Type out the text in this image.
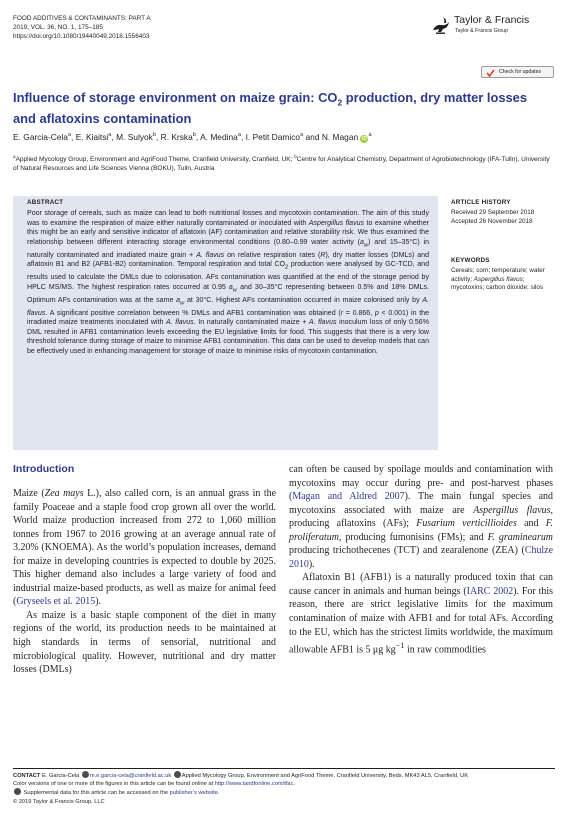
FOOD ADDITIVES & CONTAMINANTS: PART A
2019, VOL. 36, NO. 1, 175–185
https://doi.org/10.1080/19440049.2018.1556403
Taylor & Francis
Taylor & Francis Group
Check for updates
Influence of storage environment on maize grain: $CO_2$ production, dry matter losses and aflatoxins contamination
E. Garcia-Cela$^a$, E. Kiaitsi$^a$, M. Sulyok$^b$, R. Krska$^b$, A. Medina$^a$, I. Petit Damico$^a$ and N. Magan $iD^a$
$^a$Applied Mycology Group, Environment and AgriFood Theme, Cranfield University, Cranfield, UK; $^b$Centre for Analytical Chemistry, Department of Agrobiotechnology (IFA-Tulln), University of Natural Resources and Life Sciences Vienna (BOKU), Tulln, Austria
ABSTRACT
Poor storage of cereals, such as maize can lead to both nutritional losses and mycotoxin contamination. The aim of this study was to examine the respiration of maize either naturally contaminated or inoculated with Aspergillus flavus to examine whether this might be an early and sensitive indicator of aflatoxin (AF) contamination and relative storability risk. We thus examined the relationship between different interacting storage environmental conditions (0.80–0.99 water activity $(a_w)$ and 15–35°C) in naturally contaminated and irradiated maize grain + A. flavus on relative respiration rates (R), dry matter losses (DMLs) and aflatoxin B1 and B2 (AFB1-B2) contamination. Temporal respiration and total $CO_2$ production were analysed by GC-TCD, and results used to calculate the DMLs due to colonisation. AFs contamination was quantified at the end of the storage period by HPLC MS/MS. The highest respiration rates occurred at 0.95 $a_w$ and 30–35°C representing between 0.5% and 18% DMLs. Optimum AFs contamination was at the same $a_w$ at 30°C. Highest AFs contamination occurred in maize colonised only by A. flavus. A significant positive correlation between % DMLs and AFB1 contamination was obtained (r = 0.866, p < 0.001) in the irradiated maize treatments inoculated with A. flavus. In naturally contaminated maize + A. flavus inoculum loss of only 0.56% DML resulted in AFB1 contamination levels exceeding the EU legislative limits for food. This suggests that there is a very low threshold tolerance during storage of maize to minimise AFB1 contamination. This data can be used to develop models that can be effectively used in enhancing management for storage of maize to minimise risks of mycotoxin contamination.
ARTICLE HISTORY
Received 29 September 2018
Accepted 26 November 2018
KEYWORDS
Cereals; corn; temperature; water activity; Aspergillus flavus; mycotoxins; carbon dioxide; silos
Introduction

Maize (Zea mays L.), also called corn, is an annual grass in the family Poaceae and a staple food crop grown all over the world. World maize production increased from 272 to 1,060 million tonnes from 1967 to 2016 growing at an average annual rate of 3.20% (KNOEMA). As the world’s population increases, demand for maize in developing countries is expected to double by 2025. This higher demand also includes a large variety of food and industrial maize-based products, as well as maize for animal feed (Gryseels et al. 2015).

As maize is a basic staple component of the diet in many regions of the world, its production needs to be maintained at high standards in terms of sensorial, nutritional and microbiological quality. However, nutritional and dry matter losses (DMLs)

can often be caused by spoilage moulds and contamination with mycotoxins may occur during pre- and post-harvest phases (Magan and Aldred 2007). The main fungal species and mycotoxins associated with maize are Aspergillus flavus, producing aflatoxins (AFs); Fusarium verticillioides and F. proliferatum, producing fumonisins (FMs); and F. graminearum producing trichothecenes (TCT) and zearalenone (ZEA) (Chulze 2010).

Aflatoxin B1 (AFB1) is a naturally produced toxin that can cause cancer in animals and human beings (IARC 2002). For this reason, there are strict legislative limits for the maximum contamination of maize with AFB1 and for total AFs. According to the EU, which has the strictest limits worldwide, the maximum allowable AFB1 is 5 μg $kg^{-1}$ in raw commodities

CONTACT E. Garcia-Cela m.e.garcia-cela@cranfield.ac.uk Applied Mycology Group, Environment and AgriFood Theme, Cranfield University, Beds. MK43 AL5, Cranfield, UK
Color versions of one or more of the figures in this article can be found online at http://www.tandfonline.com/tfac.
Supplemental data for this article can be accessed on the publisher’s website.
© 2019 Taylor & Francis Group, LLC
